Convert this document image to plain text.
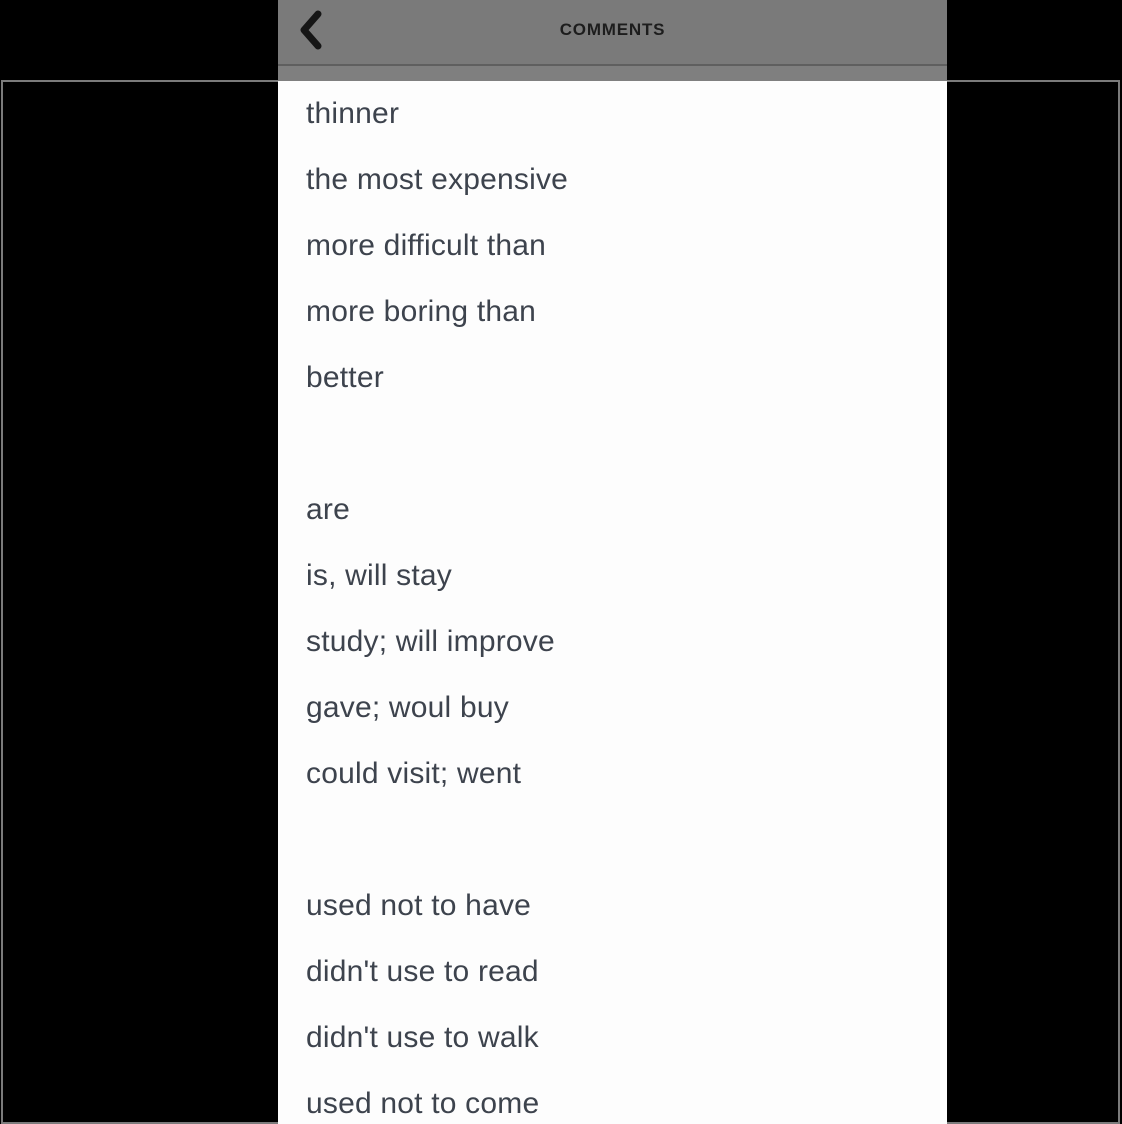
thinner
the most expensive
more difficult than
more boring than
better
are
is, will stay
study; will improve
gave; woul buy
could visit; went
used not to have
didn't use to read
didn't use to walk
used not to come
COMMENTS
